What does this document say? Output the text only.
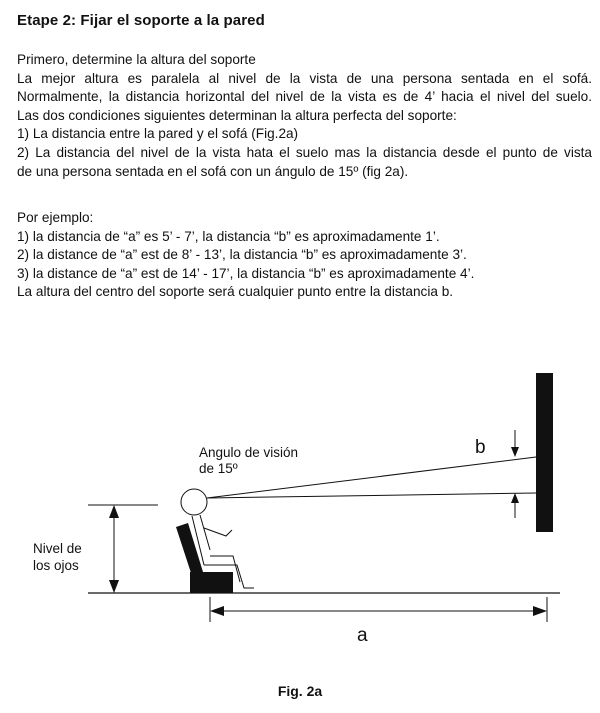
Etape 2: Fijar el soporte a la pared
Primero, determine la altura del soporte
La mejor altura es paralela al nivel de la vista de una persona sentada en el sofá.
Normalmente, la distancia horizontal del nivel de la vista es de 4’ hacia el nivel del suelo.
Las dos condiciones siguientes determinan la altura perfecta del soporte:
1) La distancia entre la pared y el sofá (Fig.2a)
2) La distancia del nivel de la vista hata el suelo mas la distancia desde el punto de vista
de una persona sentada en el sofá con un ángulo de 15º (fig 2a).
Por ejemplo:
1) la distancia de “a” es 5’ - 7’, la distancia “b” es aproximadamente 1’.
2) la distance de “a” est de 8’ - 13’, la distancia “b” es aproximadamente 3’.
3) la distance de “a” est de 14’ - 17’, la distancia “b” es aproximadamente 4’.
La altura del centro del soporte será cualquier punto entre la distancia b.
Angulo de visión
de 15º
Nivel de
los ojos
b
a
Fig. 2a
